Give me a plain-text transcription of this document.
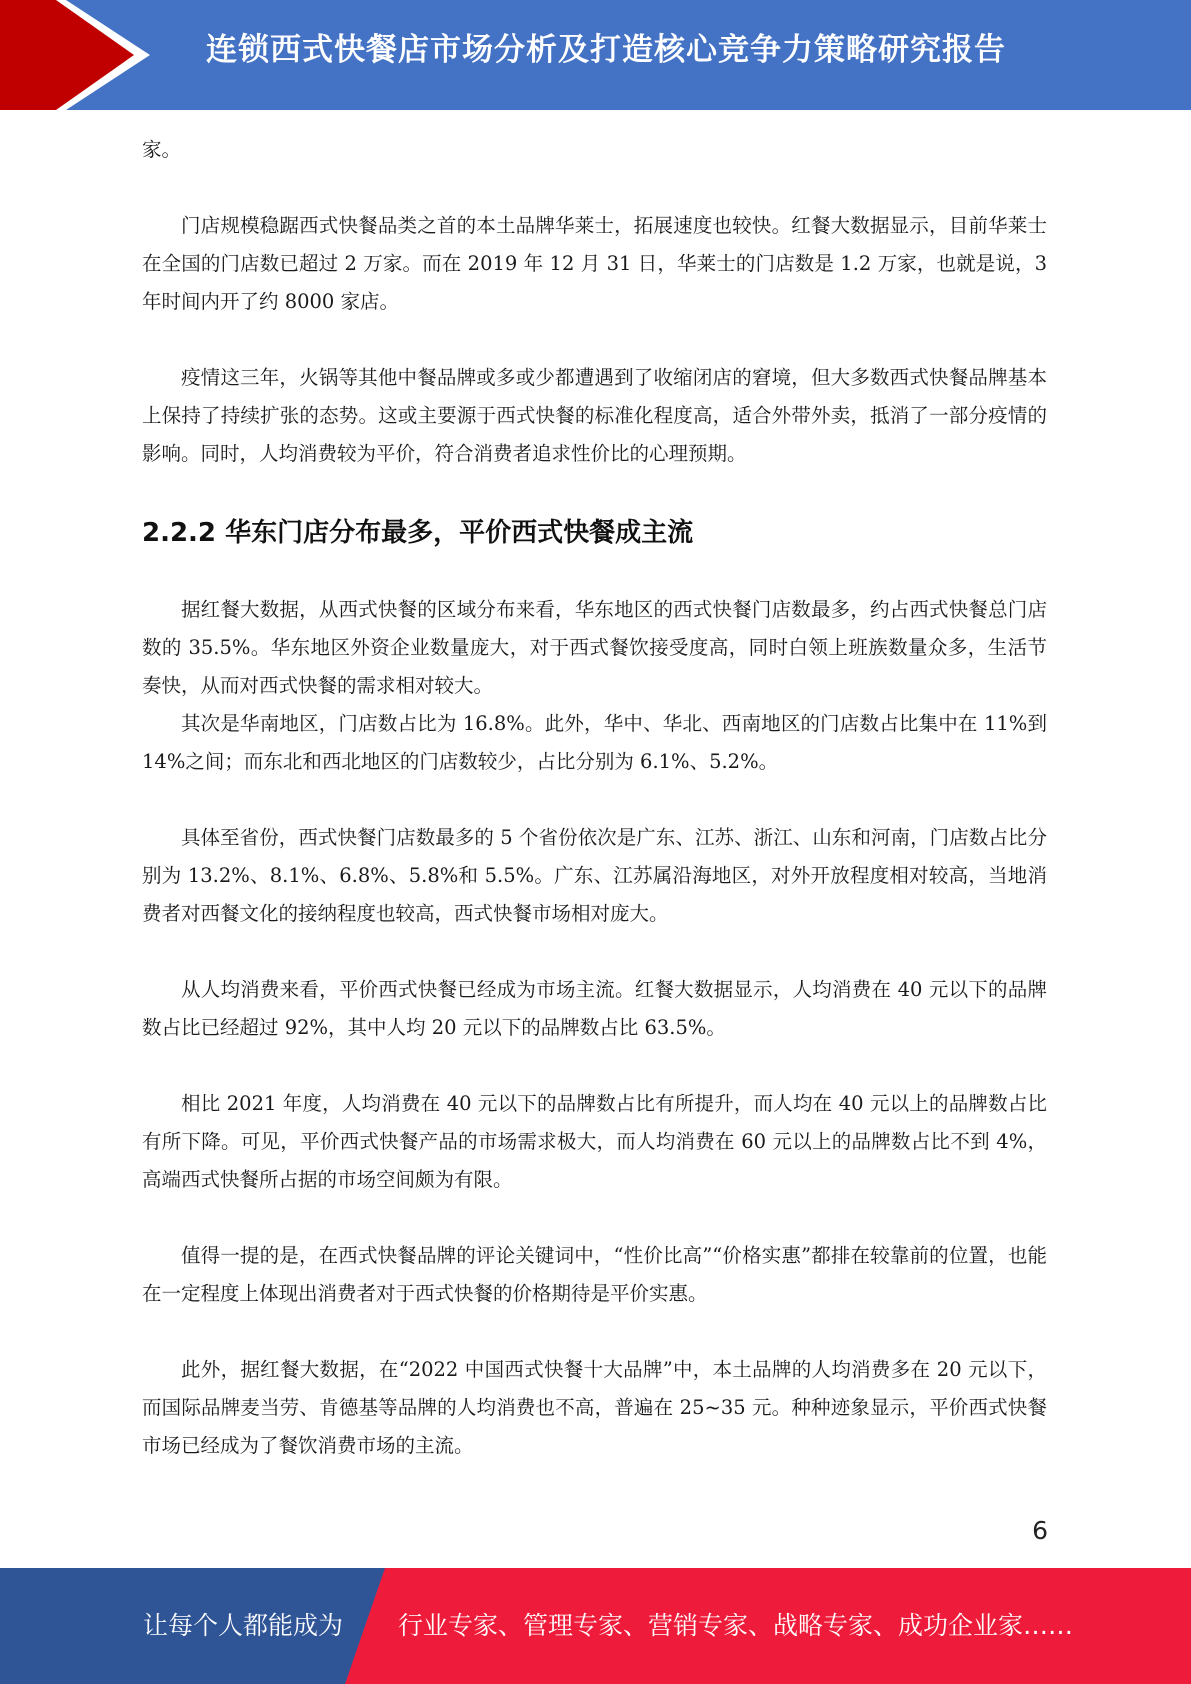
连锁西式快餐店市场分析及打造核心竞争力策略研究报告

家。

门店规模稳踞西式快餐品类之首的本土品牌华莱士，拓展速度也较快。红餐大数据显示，目前华莱士在全国的门店数已超过 2 万家。而在 2019 年 12 月 31 日，华莱士的门店数是 1.2 万家，也就是说，3 年时间内开了约 8000 家店。

疫情这三年，火锅等其他中餐品牌或多或少都遭遇到了收缩闭店的窘境，但大多数西式快餐品牌基本上保持了持续扩张的态势。这或主要源于西式快餐的标准化程度高，适合外带外卖，抵消了一部分疫情的影响。同时，人均消费较为平价，符合消费者追求性价比的心理预期。

2.2.2 华东门店分布最多，平价西式快餐成主流

据红餐大数据，从西式快餐的区域分布来看，华东地区的西式快餐门店数最多，约占西式快餐总门店数的 35.5%。华东地区外资企业数量庞大，对于西式餐饮接受度高，同时白领上班族数量众多，生活节奏快，从而对西式快餐的需求相对较大。

其次是华南地区，门店数占比为 16.8%。此外，华中、华北、西南地区的门店数占比集中在 11%到 14%之间；而东北和西北地区的门店数较少，占比分别为 6.1%、5.2%。

具体至省份，西式快餐门店数最多的 5 个省份依次是广东、江苏、浙江、山东和河南，门店数占比分别为 13.2%、8.1%、6.8%、5.8%和 5.5%。广东、江苏属沿海地区，对外开放程度相对较高，当地消费者对西餐文化的接纳程度也较高，西式快餐市场相对庞大。

从人均消费来看，平价西式快餐已经成为市场主流。红餐大数据显示，人均消费在 40 元以下的品牌数占比已经超过 92%，其中人均 20 元以下的品牌数占比 63.5%。

相比 2021 年度，人均消费在 40 元以下的品牌数占比有所提升，而人均在 40 元以上的品牌数占比有所下降。可见，平价西式快餐产品的市场需求极大，而人均消费在 60 元以上的品牌数占比不到 4%，高端西式快餐所占据的市场空间颇为有限。

值得一提的是，在西式快餐品牌的评论关键词中，“性价比高”“价格实惠”都排在较靠前的位置，也能在一定程度上体现出消费者对于西式快餐的价格期待是平价实惠。

此外，据红餐大数据，在“2022 中国西式快餐十大品牌”中，本土品牌的人均消费多在 20 元以下，而国际品牌麦当劳、肯德基等品牌的人均消费也不高，普遍在 25~35 元。种种迹象显示，平价西式快餐市场已经成为了餐饮消费市场的主流。

6
让每个人都能成为 行业专家、管理专家、营销专家、战略专家、成功企业家……
